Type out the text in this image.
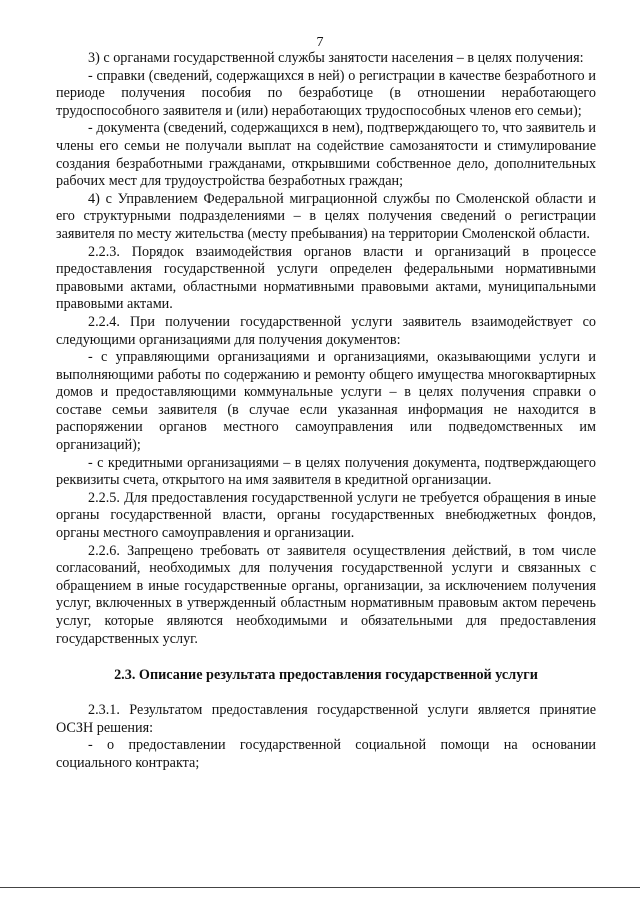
7

3) с органами государственной службы занятости населения – в целях получения:

- справки (сведений, содержащихся в ней) о регистрации в качестве безработного и периоде получения пособия по безработице (в отношении неработающего трудоспособного заявителя и (или) неработающих трудоспособных членов его семьи);

- документа (сведений, содержащихся в нем), подтверждающего то, что заявитель и члены его семьи не получали выплат на содействие самозанятости и стимулирование создания безработными гражданами, открывшими собственное дело, дополнительных рабочих мест для трудоустройства безработных граждан;

4) с Управлением Федеральной миграционной службы по Смоленской области и его структурными подразделениями – в целях получения сведений о регистрации заявителя по месту жительства (месту пребывания) на территории Смоленской области.

2.2.3. Порядок взаимодействия органов власти и организаций в процессе предоставления государственной услуги определен федеральными нормативными правовыми актами, областными нормативными правовыми актами, муниципальными правовыми актами.

2.2.4. При получении государственной услуги заявитель взаимодействует со следующими организациями для получения документов:

- с управляющими организациями и организациями, оказывающими услуги и выполняющими работы по содержанию и ремонту общего имущества многоквартирных домов и предоставляющими коммунальные услуги – в целях получения справки о составе семьи заявителя (в случае если указанная информация не находится в распоряжении органов местного самоуправления или подведомственных им организаций);

- с кредитными организациями – в целях получения документа, подтверждающего реквизиты счета, открытого на имя заявителя в кредитной организации.

2.2.5. Для предоставления государственной услуги не требуется обращения в иные органы государственной власти, органы государственных внебюджетных фондов, органы местного самоуправления и организации.

2.2.6. Запрещено требовать от заявителя осуществления действий, в том числе согласований, необходимых для получения государственной услуги и связанных с обращением в иные государственные органы, организации, за исключением получения услуг, включенных в утвержденный областным нормативным правовым актом перечень услуг, которые являются необходимыми и обязательными для предоставления государственных услуг.

2.3. Описание результата предоставления государственной услуги

2.3.1. Результатом предоставления государственной услуги является принятие ОСЗН решения:

- о предоставлении государственной социальной помощи на основании социального контракта;
